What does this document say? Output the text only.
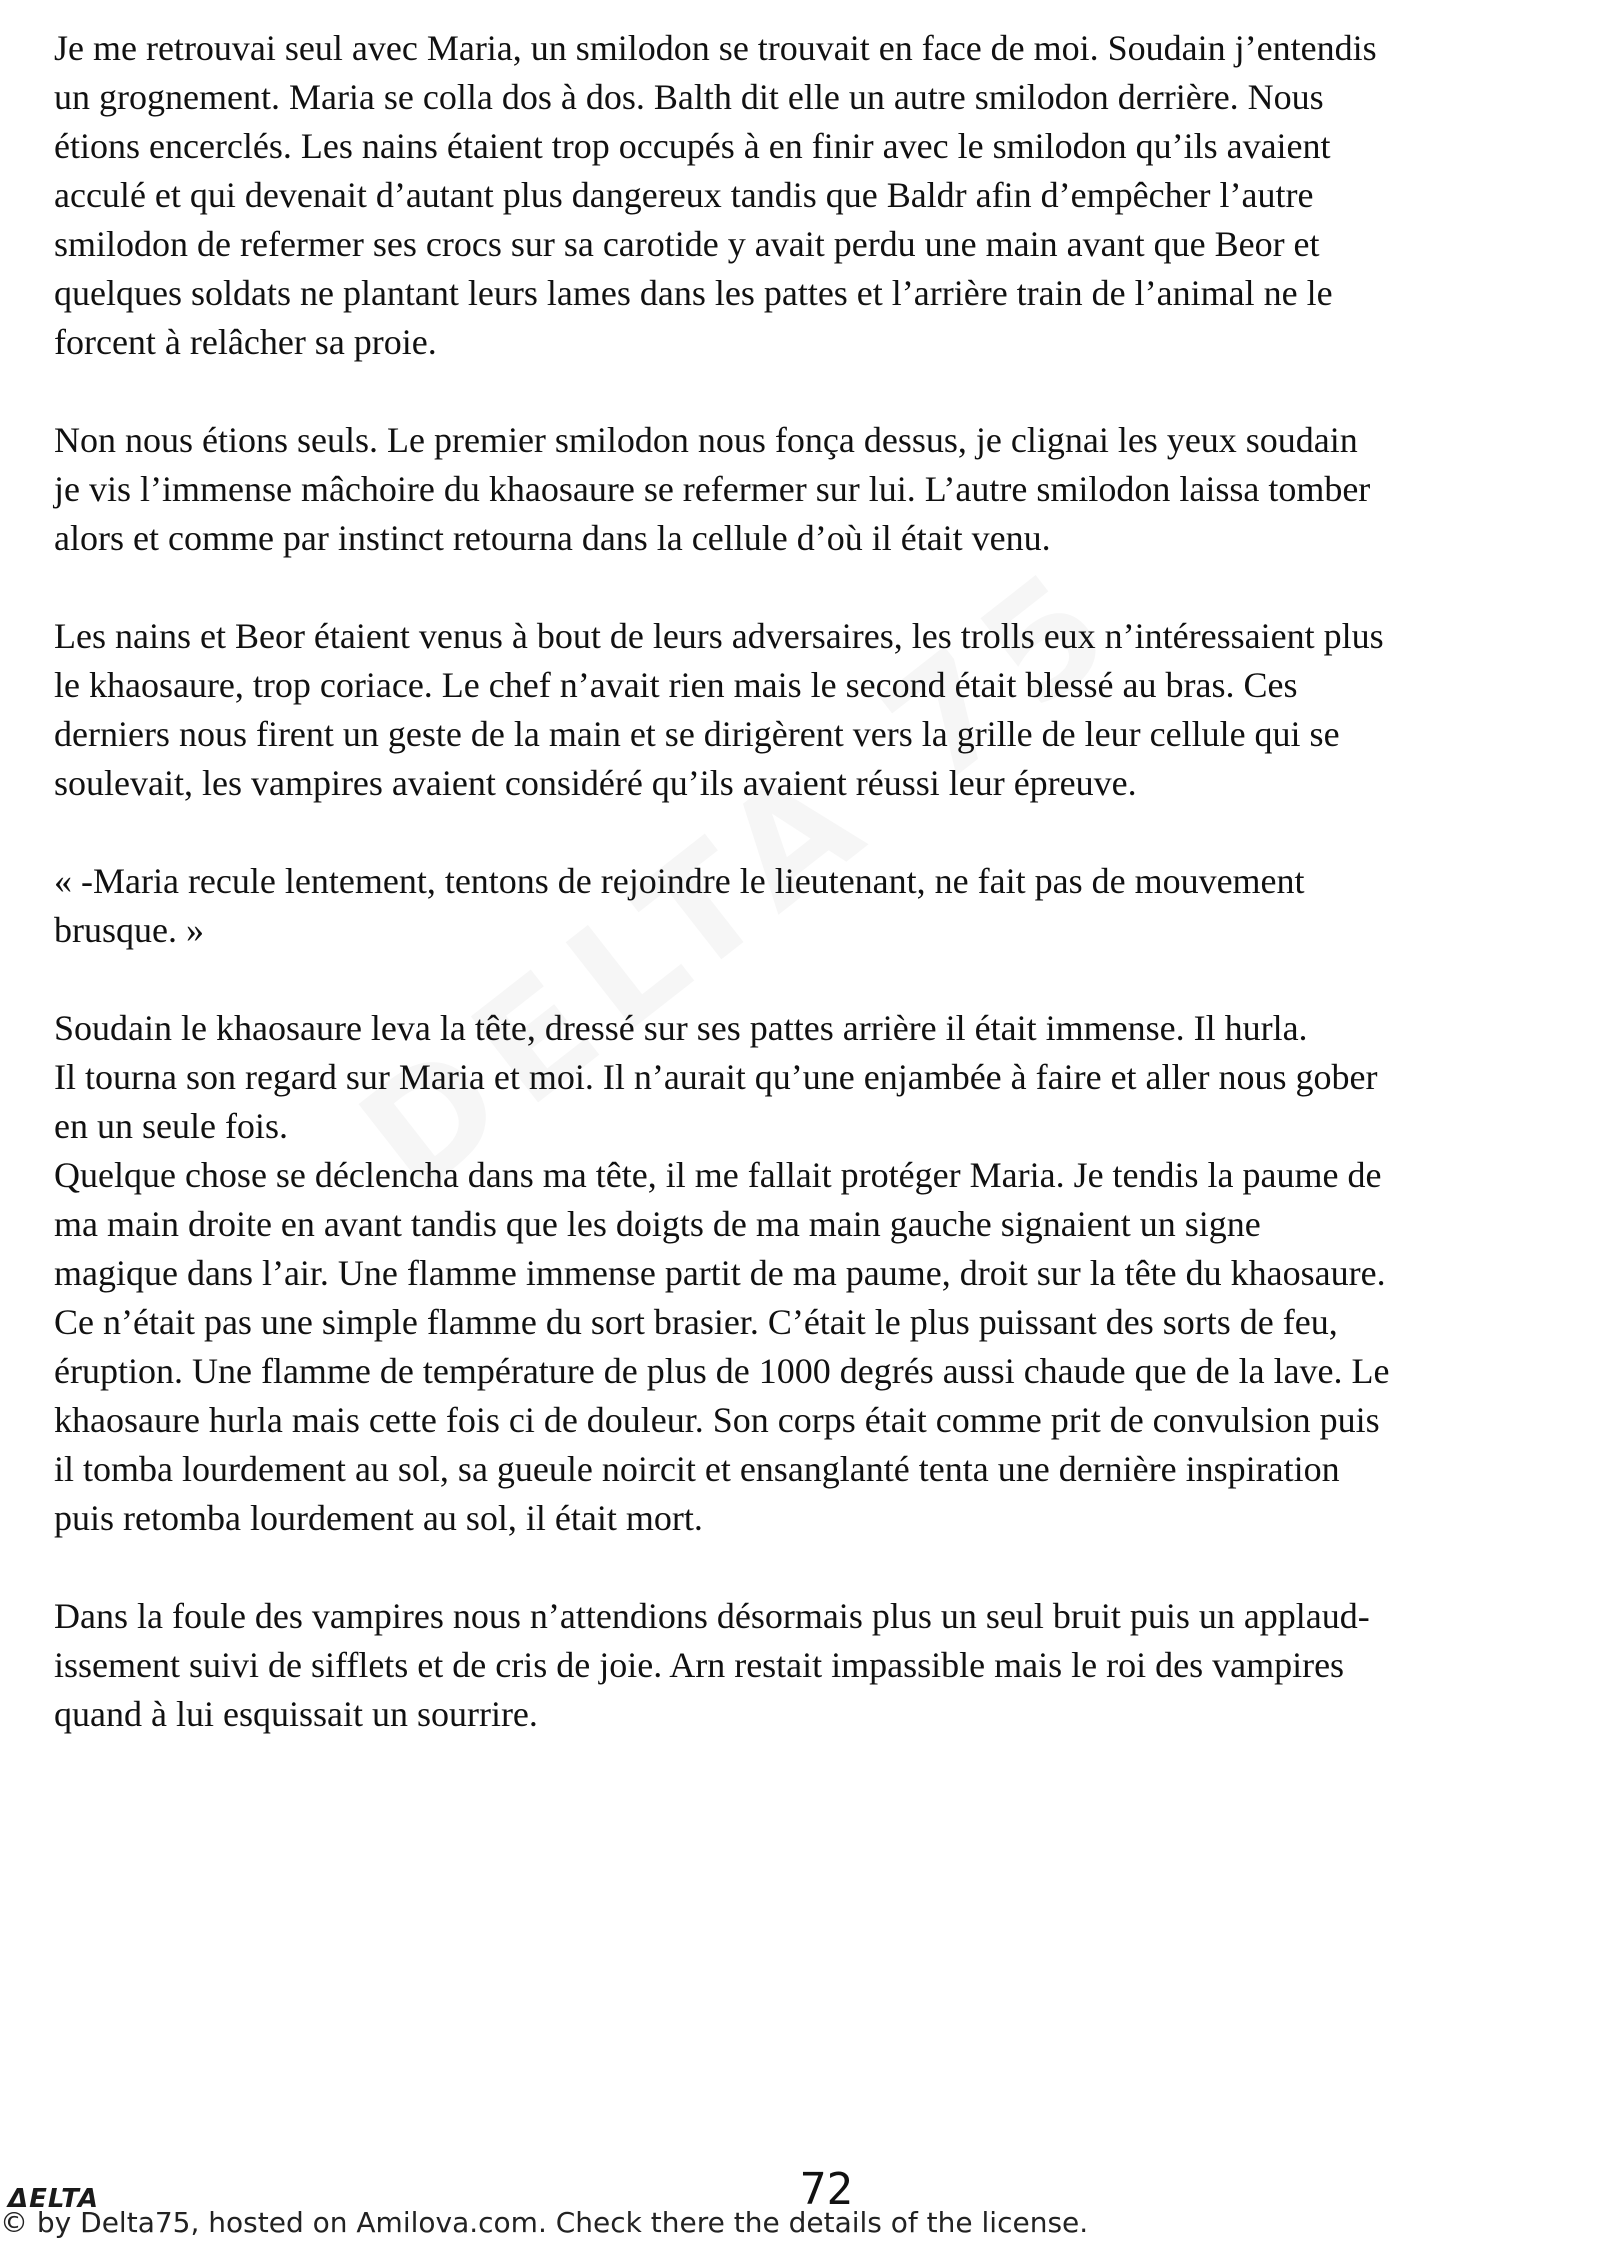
Je me retrouvai seul avec Maria, un smilodon se trouvait en face de moi. Soudain j’entendis
un grognement. Maria se colla dos à dos. Balth dit elle un autre smilodon derrière. Nous
étions encerclés. Les nains étaient trop occupés à en finir avec le smilodon qu’ils avaient
acculé et qui devenait d’autant plus dangereux tandis que Baldr afin d’empêcher l’autre
smilodon de refermer ses crocs sur sa carotide y avait perdu une main avant que Beor et
quelques soldats ne plantant leurs lames dans les pattes et l’arrière train de l’animal ne le
forcent à relâcher sa proie.

Non nous étions seuls. Le premier smilodon nous fonça dessus, je clignai les yeux soudain
je vis l’immense mâchoire du khaosaure se refermer sur lui. L’autre smilodon laissa tomber
alors et comme par instinct retourna dans la cellule d’où il était venu.

Les nains et Beor étaient venus à bout de leurs adversaires, les trolls eux n’intéressaient plus
le khaosaure, trop coriace. Le chef n’avait rien mais le second était blessé au bras. Ces
derniers nous firent un geste de la main et se dirigèrent vers la grille de leur cellule qui se
soulevait, les vampires avaient considéré qu’ils avaient réussi leur épreuve.

« -Maria recule lentement, tentons de rejoindre le lieutenant, ne fait pas de mouvement
brusque. »

Soudain le khaosaure leva la tête, dressé sur ses pattes arrière il était immense. Il hurla.
Il tourna son regard sur Maria et moi. Il n’aurait qu’une enjambée à faire et aller nous gober
en un seule fois.
Quelque chose se déclencha dans ma tête, il me fallait protéger Maria. Je tendis la paume de
ma main droite en avant tandis que les doigts de ma main gauche signaient un signe
magique dans l’air. Une flamme immense partit de ma paume, droit sur la tête du khaosaure.
Ce n’était pas une simple flamme du sort brasier. C’était le plus puissant des sorts de feu,
éruption. Une flamme de température de plus de 1000 degrés aussi chaude que de la lave. Le
khaosaure hurla mais cette fois ci de douleur. Son corps était comme prit de convulsion puis
il tomba lourdement au sol, sa gueule noircit et ensanglanté tenta une dernière inspiration
puis retomba lourdement au sol, il était mort.

Dans la foule des vampires nous n’attendions désormais plus un seul bruit puis un applaud-
issement suivi de sifflets et de cris de joie. Arn restait impassible mais le roi des vampires
quand à lui esquissait un sourrire.

ΔELTA	72
© by Delta75, hosted on Amilova.com. Check there the details of the license.
